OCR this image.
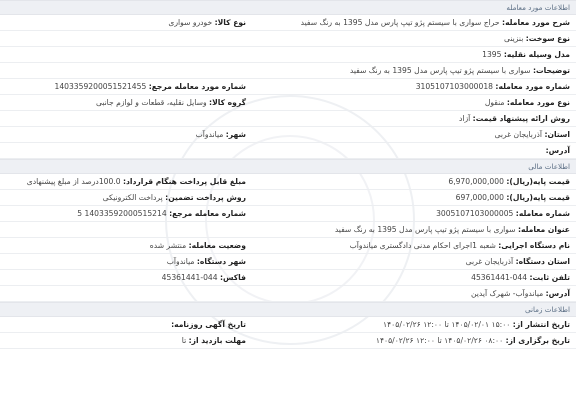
اطلاعات مورد معامله
شرح مورد معامله: حراج سواری با سیستم پژو تیپ پارس مدل 1395 به رنگ سفید
نوع کالا: خودرو سواری
نوع سوخت: بنزینی
مدل وسیله نقلیه: 1395
توضیحات: سواری با سیستم پژو تیپ پارس مدل 1395 به رنگ سفید
شماره مورد معامله: 3105107103000018
شماره مورد معامله مرجع: 1403359200051521455
نوع مورد معامله: منقول
گروه کالا: وسایل نقلیه، قطعات و لوازم جانبی
روش ارائه پیشنهاد قیمت: آزاد
استان: آذربایجان غربی
شهر: میاندوآب
آدرس:
اطلاعات مالی
قیمت پایه(ریال): 6,970,000,000
مبلغ قابل پرداخت هنگام قرارداد: 100.0درصد از مبلغ پیشنهادی
قیمت پایه(ریال): 697,000,000
روش پرداخت تضمین: پرداخت الکترونیکی
شماره معامله: 3005107103000005
شماره معامله مرجع: 14033592000515214 5
عنوان معامله: سواری با سیستم پژو تیپ پارس مدل 1395 به رنگ سفید
نام دستگاه اجرایی: شعبه 1اجرای احکام مدنی دادگستری میاندوآب
وضعیت معامله: منتشر شده
استان دستگاه: آذربایجان غربی
شهر دستگاه: میاندوآب
تلفن ثابت: 044-45361441
فاکس: 044-45361441
آدرس: میاندوآب- شهرک آیدین
اطلاعات زمانی
تاریخ انتشار از: ۱۵:۰۰ ۱۴۰۵/۰۲/۰۱ تا ۱۲:۰۰ ۱۴۰۵/۰۲/۲۶
تاریخ آگهی روزنامه:
تاریخ برگزاری از: ۰۸:۰۰ ۱۴۰۵/۰۲/۲۶ تا ۱۲:۰۰ ۱۴۰۵/۰۲/۲۶
مهلت بازدید از: تا
